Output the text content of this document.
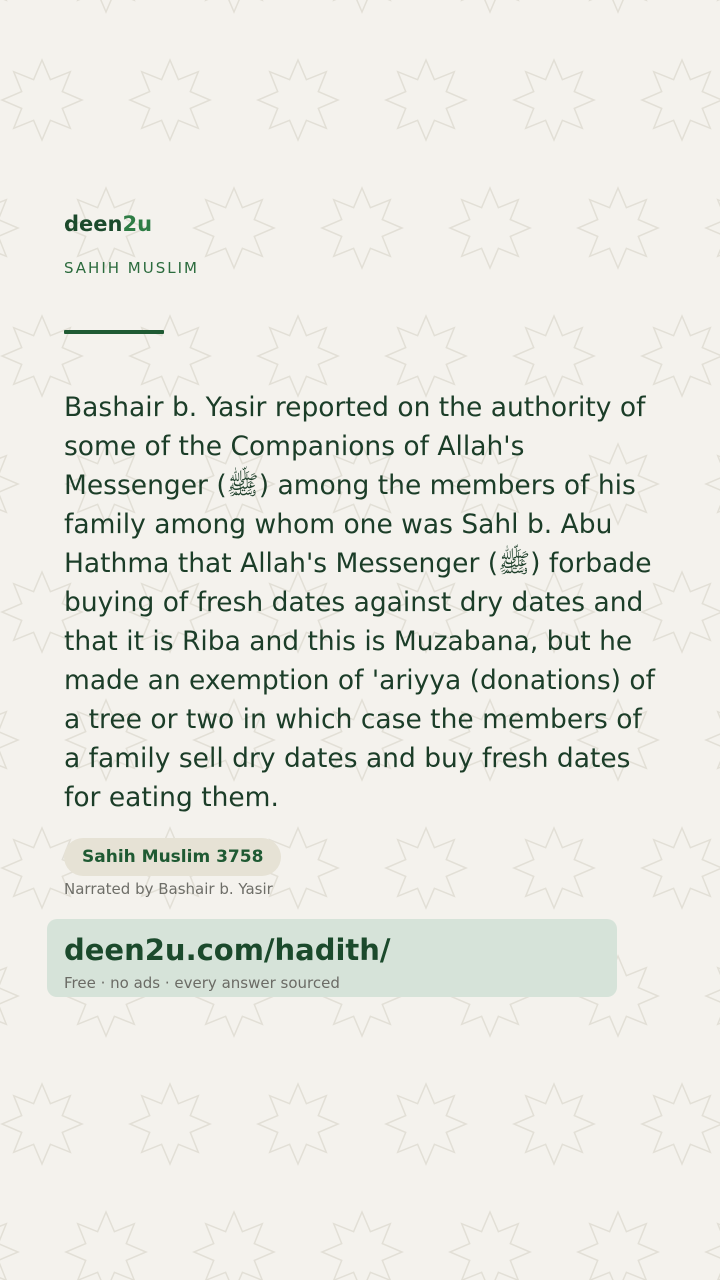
deen2u
SAHIH MUSLIM

Bashair b. Yasir reported on the authority of some of the Companions of Allah's Messenger (ﷺ) among the members of his family among whom one was Sahl b. Abu Hathma that Allah's Messenger (ﷺ) forbade buying of fresh dates against dry dates and that it is Riba and this is Muzabana, but he made an exemption of 'ariyya (donations) of a tree or two in which case the members of a family sell dry dates and buy fresh dates for eating them.

Sahih Muslim 3758
Narrated by Bashair b. Yasir
deen2u.com/hadith/
Free · no ads · every answer sourced
